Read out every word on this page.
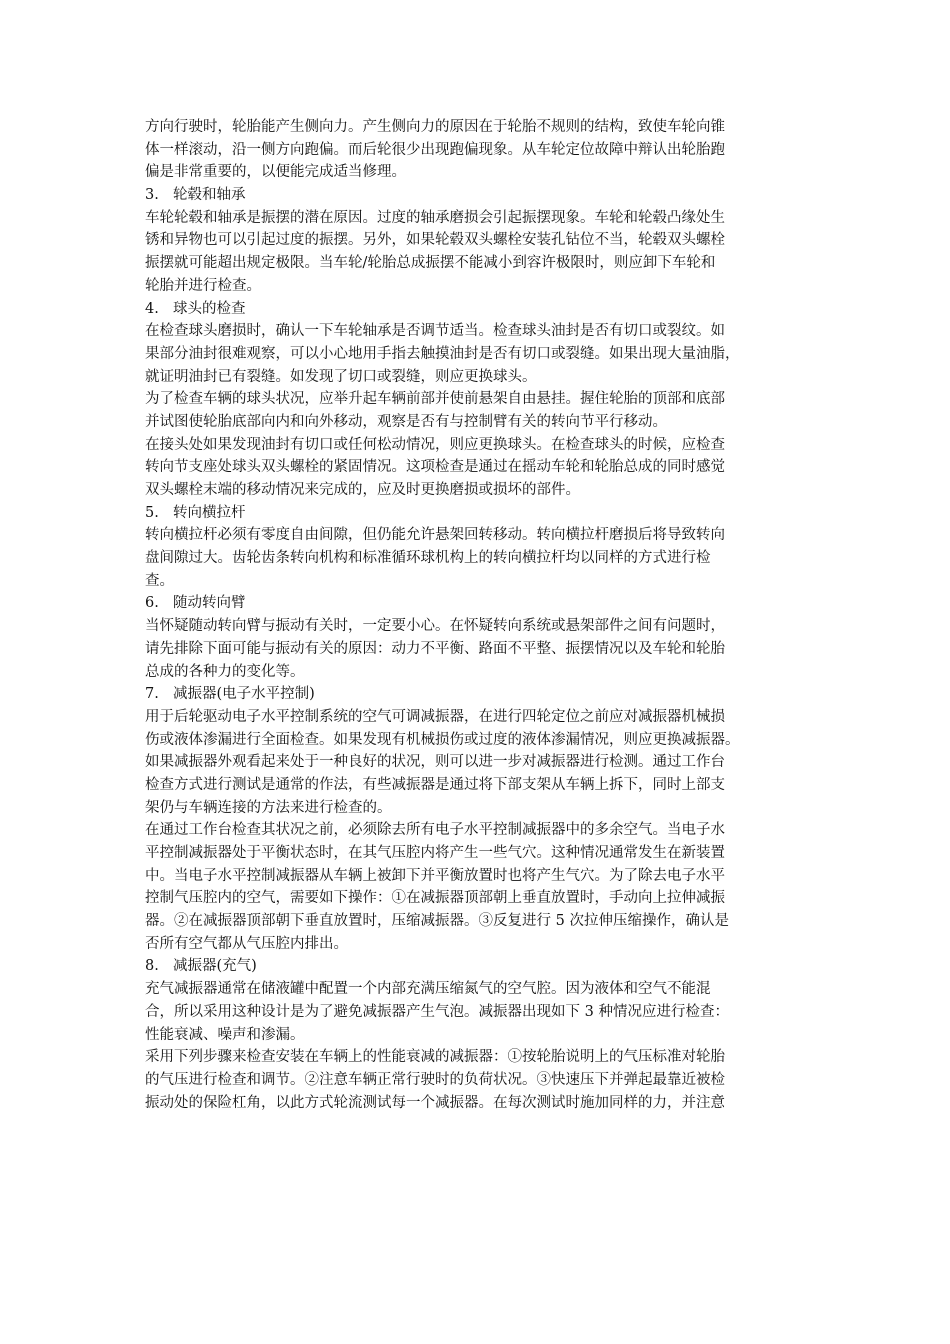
方向行驶时，轮胎能产生侧向力。产生侧向力的原因在于轮胎不规则的结构，致使车轮向锥
体一样滚动，沿一侧方向跑偏。而后轮很少出现跑偏现象。从车轮定位故障中辩认出轮胎跑
偏是非常重要的，以便能完成适当修理。
3. 轮毂和轴承
车轮轮毂和轴承是振摆的潜在原因。过度的轴承磨损会引起振摆现象。车轮和轮毂凸缘处生
锈和异物也可以引起过度的振摆。另外，如果轮毂双头螺栓安装孔钻位不当，轮毂双头螺栓
振摆就可能超出规定极限。当车轮/轮胎总成振摆不能减小到容许极限时，则应卸下车轮和
轮胎并进行检查。
4. 球头的检查
在检查球头磨损时，确认一下车轮轴承是否调节适当。检查球头油封是否有切口或裂纹。如
果部分油封很难观察，可以小心地用手指去触摸油封是否有切口或裂缝。如果出现大量油脂，
就证明油封已有裂缝。如发现了切口或裂缝，则应更换球头。
为了检查车辆的球头状况，应举升起车辆前部并使前悬架自由悬挂。握住轮胎的顶部和底部
并试图使轮胎底部向内和向外移动，观察是否有与控制臂有关的转向节平行移动。
在接头处如果发现油封有切口或任何松动情况，则应更换球头。在检查球头的时候，应检查
转向节支座处球头双头螺栓的紧固情况。这项检查是通过在摇动车轮和轮胎总成的同时感觉
双头螺栓末端的移动情况来完成的，应及时更换磨损或损坏的部件。
5. 转向横拉杆
转向横拉杆必须有零度自由间隙，但仍能允许悬架回转移动。转向横拉杆磨损后将导致转向
盘间隙过大。齿轮齿条转向机构和标准循环球机构上的转向横拉杆均以同样的方式进行检
查。
6. 随动转向臂
当怀疑随动转向臂与振动有关时，一定要小心。在怀疑转向系统或悬架部件之间有问题时，
请先排除下面可能与振动有关的原因：动力不平衡、路面不平整、振摆情况以及车轮和轮胎
总成的各种力的变化等。
7. 减振器(电子水平控制)
用于后轮驱动电子水平控制系统的空气可调减振器，在进行四轮定位之前应对减振器机械损
伤或液体渗漏进行全面检查。如果发现有机械损伤或过度的液体渗漏情况，则应更换减振器。
如果减振器外观看起来处于一种良好的状况，则可以进一步对减振器进行检测。通过工作台
检查方式进行测试是通常的作法，有些减振器是通过将下部支架从车辆上拆下，同时上部支
架仍与车辆连接的方法来进行检查的。
在通过工作台检查其状况之前，必须除去所有电子水平控制减振器中的多余空气。当电子水
平控制减振器处于平衡状态时，在其气压腔内将产生一些气穴。这种情况通常发生在新装置
中。当电子水平控制减振器从车辆上被卸下并平衡放置时也将产生气穴。为了除去电子水平
控制气压腔内的空气，需要如下操作：①在减振器顶部朝上垂直放置时，手动向上拉伸减振
器。②在减振器顶部朝下垂直放置时，压缩减振器。③反复进行 5 次拉伸压缩操作，确认是
否所有空气都从气压腔内排出。
8. 减振器(充气)
充气减振器通常在储液罐中配置一个内部充满压缩氮气的空气腔。因为液体和空气不能混
合，所以采用这种设计是为了避免减振器产生气泡。减振器出现如下 3 种情况应进行检查：
性能衰减、噪声和渗漏。
采用下列步骤来检查安装在车辆上的性能衰减的减振器：①按轮胎说明上的气压标准对轮胎
的气压进行检查和调节。②注意车辆正常行驶时的负荷状况。③快速压下并弹起最靠近被检
振动处的保险杠角，以此方式轮流测试每一个减振器。在每次测试时施加同样的力，并注意
